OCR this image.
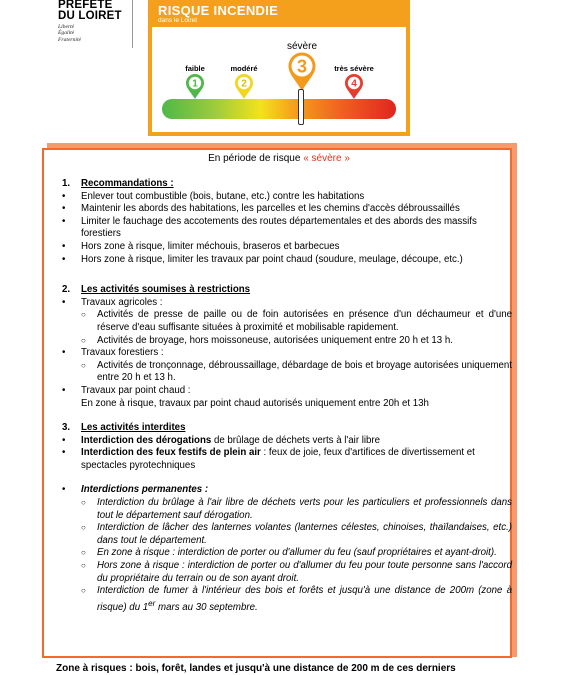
PRÉFETE
DU LOIRET
Liberté
Égalité
Fraternité
RISQUE INCENDIE
dans le Loiret
faible	modéré
sévère
très sévère
1	2
3
4
En période de risque « sévère »
1.	Recommandations :
•	Enlever tout combustible (bois, butane, etc.) contre les habitations
•	Maintenir les abords des habitations, les parcelles et les chemins d'accès débroussaillés
•	Limiter le fauchage des accotements des routes départementales et des abords des massifs forestiers
•	Hors zone à risque, limiter méchouis, braseros et barbecues
•	Hors zone à risque, limiter les travaux par point chaud (soudure, meulage, découpe, etc.)
2.	Les activités soumises à restrictions
•	Travaux agricoles :
○	Activités de presse de paille ou de foin autorisées en présence d'un déchaumeur et d'une réserve d'eau suffisante situées à proximité et mobilisable rapidement.
○	Activités de broyage, hors moissoneuse, autorisées uniquement entre 20 h et 13 h.
•	Travaux forestiers :
○	Activités de tronçonnage, débroussaillage, débardage de bois et broyage autorisées uniquement entre 20 h et 13 h.
•	Travaux par point chaud :
En zone à risque, travaux par point chaud autorisés uniquement entre 20h et 13h
3.	Les activités interdites
•	Interdiction des dérogations de brûlage de déchets verts à l'air libre
•	Interdiction des feux festifs de plein air : feux de joie, feux d'artifices de divertissement et spectacles pyrotechniques
•	Interdictions permanentes :
○	Interdiction du brûlage à l'air libre de déchets verts pour les particuliers et professionnels dans tout le département sauf dérogation.
○	Interdiction de lâcher des lanternes volantes (lanternes célestes, chinoises, thaïlandaises, etc.) dans tout le département.
○	En zone à risque : interdiction de porter ou d'allumer du feu (sauf propriétaires et ayant-droit).
○	Hors zone à risque : interdiction de porter ou d'allumer du feu pour toute personne sans l'accord du propriétaire du terrain ou de son ayant droit.
○	Interdiction de fumer à l'intérieur des bois et forêts et jusqu'à une distance de 200m (zone à risque) du 1er mars au 30 septembre.
Zone à risques : bois, forêt, landes et jusqu'à une distance de 200 m de ces derniers
